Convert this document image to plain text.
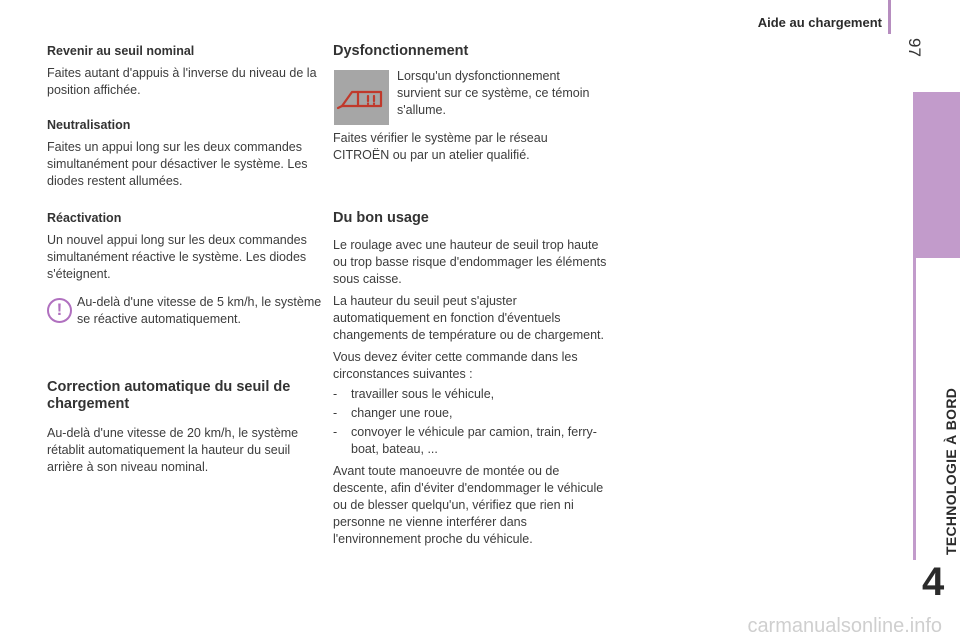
Aide au chargement
97
TECHNOLOGIE À BORD
4

Revenir au seuil nominal

Faites autant d'appuis à l'inverse du niveau de la position affichée.

Neutralisation

Faites un appui long sur les deux commandes simultanément pour désactiver le système. Les diodes restent allumées.

Réactivation

Un nouvel appui long sur les deux commandes simultanément réactive le système. Les diodes s'éteignent.

!	Au-delà d'une vitesse de 5 km/h, le système se réactive automatiquement.

Correction automatique du seuil de chargement

Au-delà d'une vitesse de 20 km/h, le système rétablit automatiquement la hauteur du seuil arrière à son niveau nominal.

Dysfonctionnement

Lorsqu'un dysfonctionnement survient sur ce système, ce témoin s'allume.

Faites vérifier le système par le réseau CITROËN ou par un atelier qualifié.

Du bon usage

Le roulage avec une hauteur de seuil trop haute ou trop basse risque d'endommager les éléments sous caisse.

La hauteur du seuil peut s'ajuster automatiquement en fonction d'éventuels changements de température ou de chargement.

Vous devez éviter cette commande dans les circonstances suivantes :

-	travailler sous le véhicule,
-	changer une roue,
-	convoyer le véhicule par camion, train, ferry-boat, bateau, ...

Avant toute manoeuvre de montée ou de descente, afin d'éviter d'endommager le véhicule ou de blesser quelqu'un, vérifiez que rien ni personne ne vienne interférer dans l'environnement proche du véhicule.

carmanualsonline.info
